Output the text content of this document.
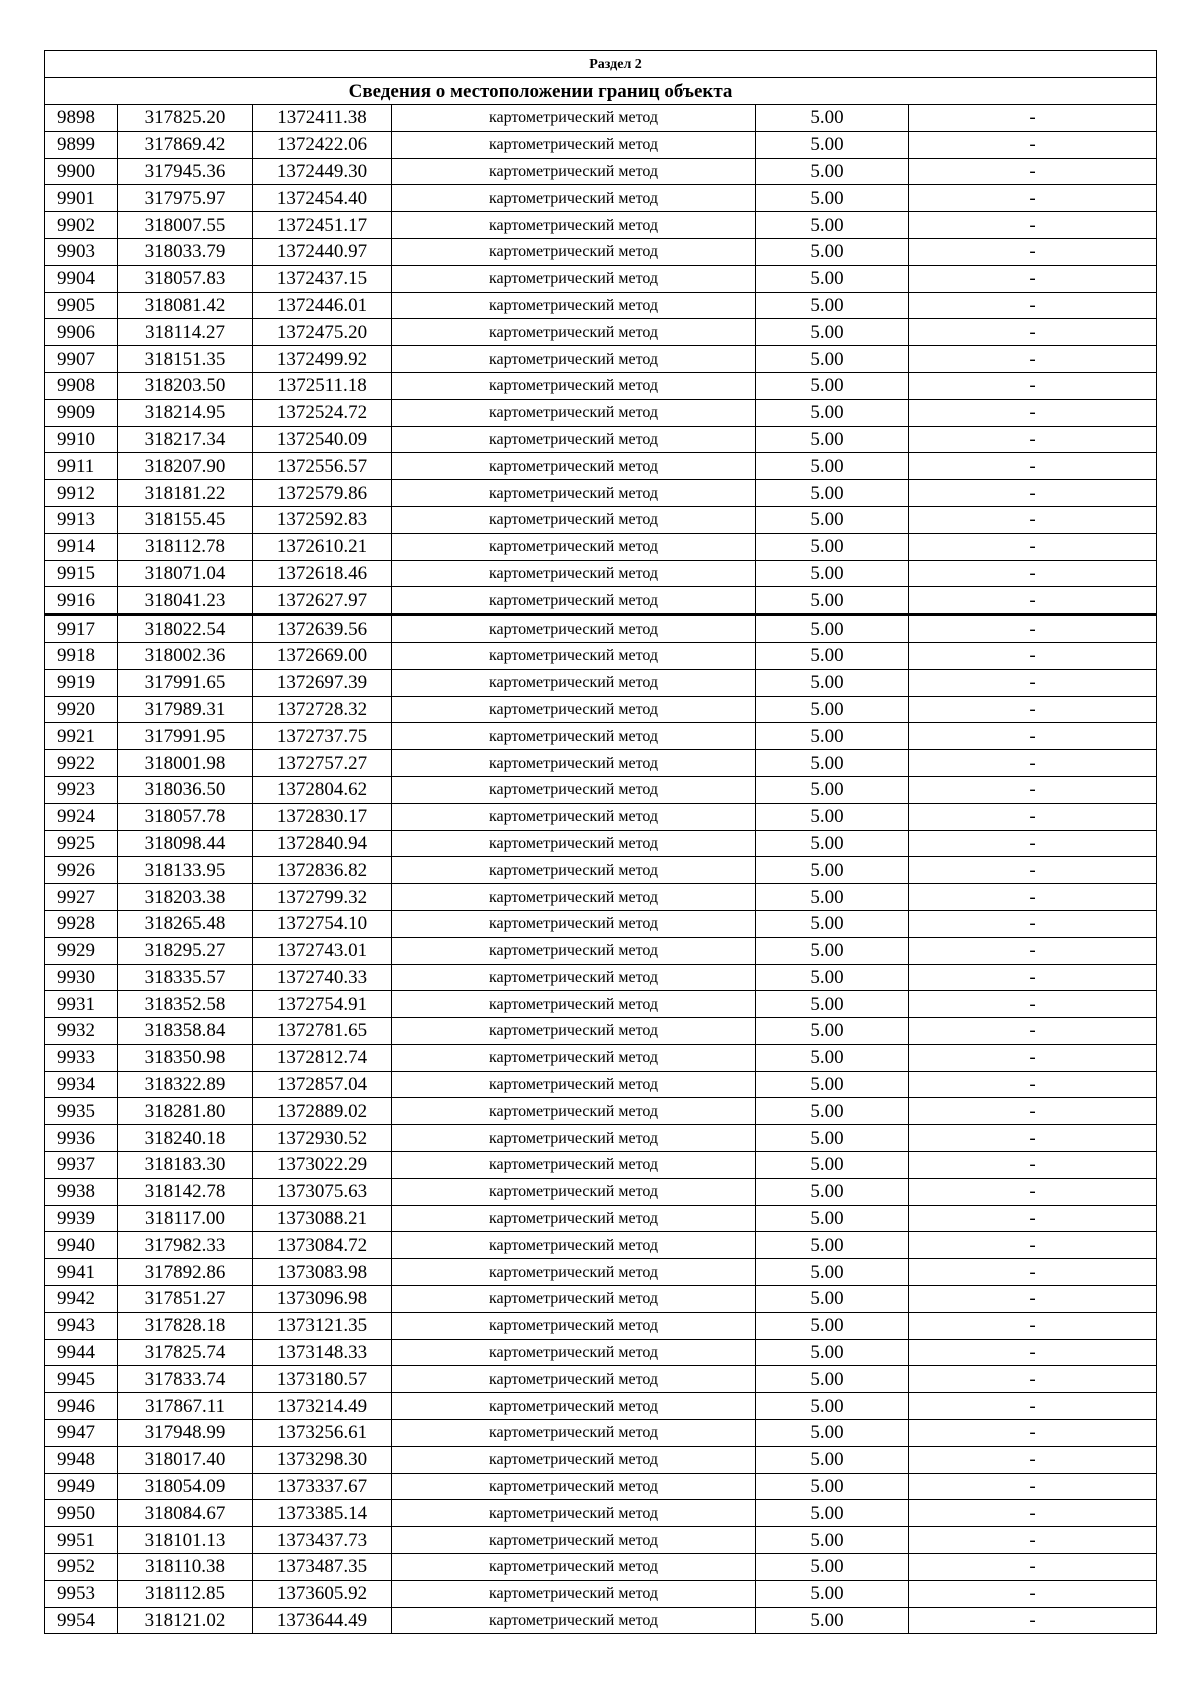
Раздел 2					
Сведения о местоположении границ объекта					
9898	317825.20	1372411.38	картометрический метод	5.00	-
9899	317869.42	1372422.06	картометрический метод	5.00	-
9900	317945.36	1372449.30	картометрический метод	5.00	-
9901	317975.97	1372454.40	картометрический метод	5.00	-
9902	318007.55	1372451.17	картометрический метод	5.00	-
9903	318033.79	1372440.97	картометрический метод	5.00	-
9904	318057.83	1372437.15	картометрический метод	5.00	-
9905	318081.42	1372446.01	картометрический метод	5.00	-
9906	318114.27	1372475.20	картометрический метод	5.00	-
9907	318151.35	1372499.92	картометрический метод	5.00	-
9908	318203.50	1372511.18	картометрический метод	5.00	-
9909	318214.95	1372524.72	картометрический метод	5.00	-
9910	318217.34	1372540.09	картометрический метод	5.00	-
9911	318207.90	1372556.57	картометрический метод	5.00	-
9912	318181.22	1372579.86	картометрический метод	5.00	-
9913	318155.45	1372592.83	картометрический метод	5.00	-
9914	318112.78	1372610.21	картометрический метод	5.00	-
9915	318071.04	1372618.46	картометрический метод	5.00	-
9916	318041.23	1372627.97	картометрический метод	5.00	-
9917	318022.54	1372639.56	картометрический метод	5.00	-
9918	318002.36	1372669.00	картометрический метод	5.00	-
9919	317991.65	1372697.39	картометрический метод	5.00	-
9920	317989.31	1372728.32	картометрический метод	5.00	-
9921	317991.95	1372737.75	картометрический метод	5.00	-
9922	318001.98	1372757.27	картометрический метод	5.00	-
9923	318036.50	1372804.62	картометрический метод	5.00	-
9924	318057.78	1372830.17	картометрический метод	5.00	-
9925	318098.44	1372840.94	картометрический метод	5.00	-
9926	318133.95	1372836.82	картометрический метод	5.00	-
9927	318203.38	1372799.32	картометрический метод	5.00	-
9928	318265.48	1372754.10	картометрический метод	5.00	-
9929	318295.27	1372743.01	картометрический метод	5.00	-
9930	318335.57	1372740.33	картометрический метод	5.00	-
9931	318352.58	1372754.91	картометрический метод	5.00	-
9932	318358.84	1372781.65	картометрический метод	5.00	-
9933	318350.98	1372812.74	картометрический метод	5.00	-
9934	318322.89	1372857.04	картометрический метод	5.00	-
9935	318281.80	1372889.02	картометрический метод	5.00	-
9936	318240.18	1372930.52	картометрический метод	5.00	-
9937	318183.30	1373022.29	картометрический метод	5.00	-
9938	318142.78	1373075.63	картометрический метод	5.00	-
9939	318117.00	1373088.21	картометрический метод	5.00	-
9940	317982.33	1373084.72	картометрический метод	5.00	-
9941	317892.86	1373083.98	картометрический метод	5.00	-
9942	317851.27	1373096.98	картометрический метод	5.00	-
9943	317828.18	1373121.35	картометрический метод	5.00	-
9944	317825.74	1373148.33	картометрический метод	5.00	-
9945	317833.74	1373180.57	картометрический метод	5.00	-
9946	317867.11	1373214.49	картометрический метод	5.00	-
9947	317948.99	1373256.61	картометрический метод	5.00	-
9948	318017.40	1373298.30	картометрический метод	5.00	-
9949	318054.09	1373337.67	картометрический метод	5.00	-
9950	318084.67	1373385.14	картометрический метод	5.00	-
9951	318101.13	1373437.73	картометрический метод	5.00	-
9952	318110.38	1373487.35	картометрический метод	5.00	-
9953	318112.85	1373605.92	картометрический метод	5.00	-
9954	318121.02	1373644.49	картометрический метод	5.00	-
